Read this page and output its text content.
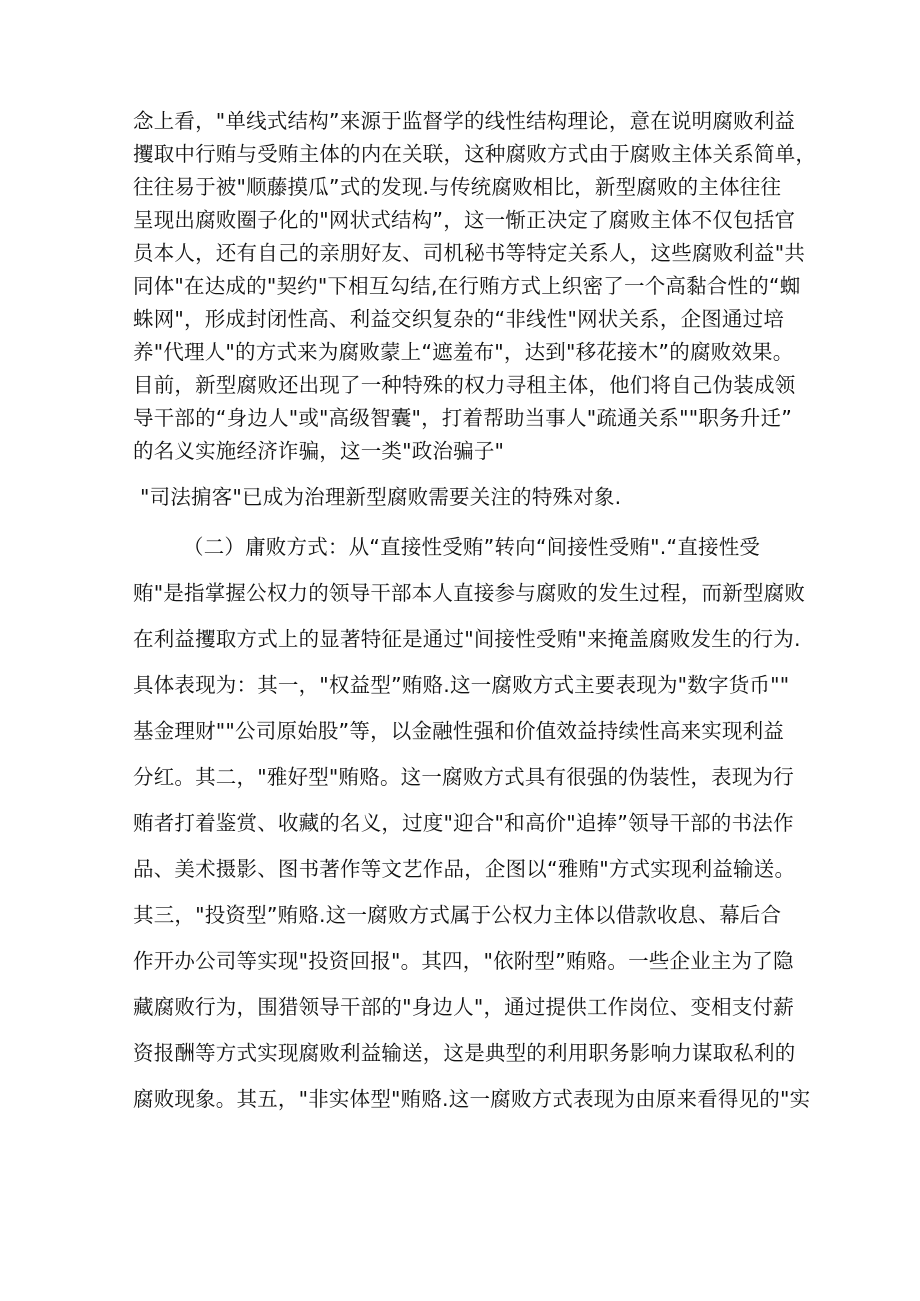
念上看，"单线式结构”来源于监督学的线性结构理论，意在说明腐败利益
攫取中行贿与受贿主体的内在关联，这种腐败方式由于腐败主体关系简单，
往往易于被"顺藤摸瓜”式的发现.与传统腐败相比，新型腐败的主体往往
呈现出腐败圈子化的"网状式结构”，这一惭正决定了腐败主体不仅包括官
员本人，还有自己的亲朋好友、司机秘书等特定关系人，这些腐败利益"共
同体"在达成的"契约"下相互勾结,在行贿方式上织密了一个高黏合性的“蜘
蛛网"，形成封闭性高、利益交织复杂的“非线性"网状关系，企图通过培
养"代理人"的方式来为腐败蒙上“遮羞布"，达到"移花接木”的腐败效果。
目前，新型腐败还出现了一种特殊的权力寻租主体，他们将自己伪装成领
导干部的“身边人"或"高级智囊"，打着帮助当事人"疏通关系""职务升迁”
的名义实施经济诈骗，这一类"政治骗子"
"司法掮客"已成为治理新型腐败需要关注的特殊对象.
（二）庸败方式：从“直接性受贿”转向“间接性受贿".“直接性受
贿"是指掌握公权力的领导干部本人直接参与腐败的发生过程，而新型腐败
在利益攫取方式上的显著特征是通过"间接性受贿"来掩盖腐败发生的行为.
具体表现为：其一，"权益型”贿赂.这一腐败方式主要表现为"数字货币""
基金理财""公司原始股”等，以金融性强和价值效益持续性高来实现利益
分红。其二，"雅好型"贿赂。这一腐败方式具有很强的伪装性，表现为行
贿者打着鉴赏、收藏的名义，过度"迎合"和高价"追捧”领导干部的书法作
品、美术摄影、图书著作等文艺作品，企图以“雅贿"方式实现利益输送。
其三，"投资型”贿赂.这一腐败方式属于公权力主体以借款收息、幕后合
作开办公司等实现"投资回报"。其四，"依附型”贿赂。一些企业主为了隐
藏腐败行为，围猎领导干部的"身边人"，通过提供工作岗位、变相支付薪
资报酬等方式实现腐败利益输送，这是典型的利用职务影响力谋取私利的
腐败现象。其五，"非实体型"贿赂.这一腐败方式表现为由原来看得见的"实
